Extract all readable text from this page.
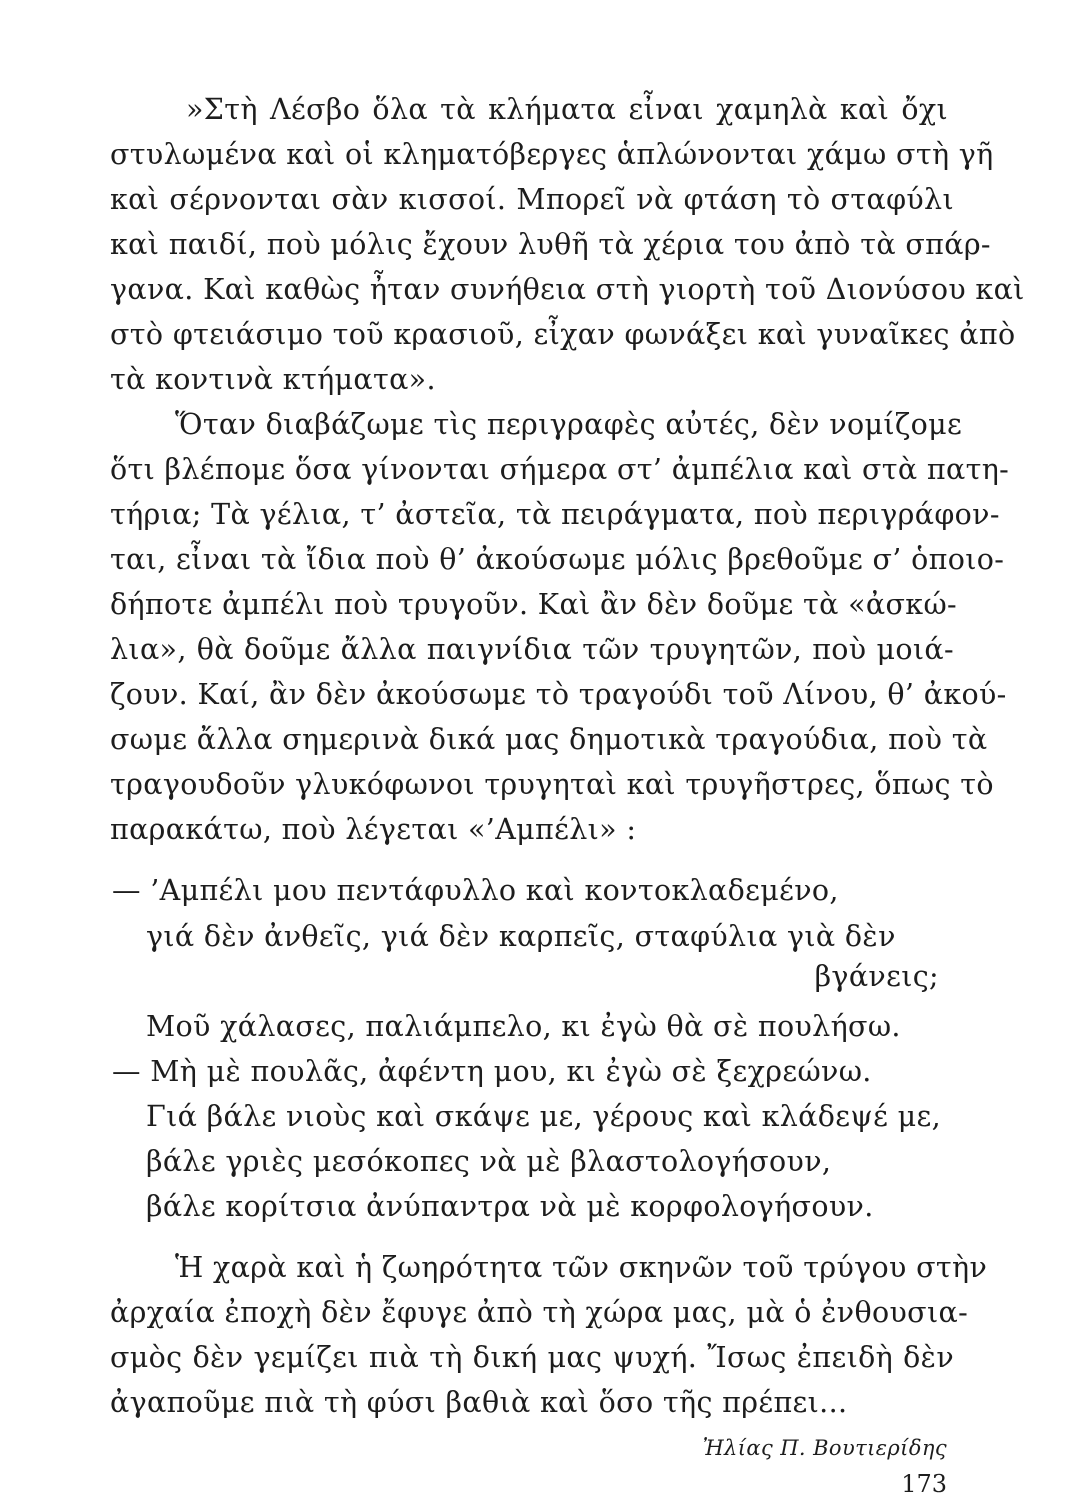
»Στὴ Λέσβο ὅλα τὰ κλήματα εἶναι χαμηλὰ καὶ ὄχι

στυλωμένα καὶ οἱ κληματόβεργες ἁπλώνονται χάμω στὴ γῆ

καὶ σέρνονται σὰν κισσοί. Μπορεῖ νὰ φτάση τὸ σταφύλι

καὶ παιδί, ποὺ μόλις ἔχουν λυθῆ τὰ χέρια του ἀπὸ τὰ σπάρ-

γανα. Καὶ καθὼς ἦταν συνήθεια στὴ γιορτὴ τοῦ Διονύσου καὶ

στὸ φτειάσιμο τοῦ κρασιοῦ, εἶχαν φωνάξει καὶ γυναῖκες ἀπὸ

τὰ κοντινὰ κτήματα».

Ὅταν διαβάζωμε τὶς περιγραφὲς αὐτές, δὲν νομίζομε

ὅτι βλέπομε ὅσα γίνονται σήμερα στ’ ἀμπέλια καὶ στὰ πατη-

τήρια; Τὰ γέλια, τ’ ἀστεῖα, τὰ πειράγματα, ποὺ περιγράφον-

ται, εἶναι τὰ ἴδια ποὺ θ’ ἀκούσωμε μόλις βρεθοῦμε σ’ ὁποιο-

δήποτε ἀμπέλι ποὺ τρυγοῦν. Καὶ ἂν δὲν δοῦμε τὰ «ἀσκώ-

λια», θὰ δοῦμε ἄλλα παιγνίδια τῶν τρυγητῶν, ποὺ μοιά-

ζουν. Καί, ἂν δὲν ἀκούσωμε τὸ τραγούδι τοῦ Λίνου, θ’ ἀκού-

σωμε ἄλλα σημερινὰ δικά μας δημοτικὰ τραγούδια, ποὺ τὰ

τραγουδοῦν γλυκόφωνοι τρυγηταὶ καὶ τρυγῆστρες, ὅπως τὸ

παρακάτω, ποὺ λέγεται «’Αμπέλι» :

— ’Αμπέλι μου πεντάφυλλο καὶ κοντοκλαδεμένο,

γιά δὲν ἀνθεῖς, γιά δὲν καρπεῖς, σταφύλια γιὰ δὲν

βγάνεις;

Μοῦ χάλασες, παλιάμπελο, κι ἐγὼ θὰ σὲ πουλήσω.

— Μὴ μὲ πουλᾶς, ἀφέντη μου, κι ἐγὼ σὲ ξεχρεώνω.

Γιά βάλε νιοὺς καὶ σκάψε με, γέρους καὶ κλάδεψέ με,

βάλε γριὲς μεσόκοπες νὰ μὲ βλαστολογήσουν,

βάλε κορίτσια ἀνύπαντρα νὰ μὲ κορφολογήσουν.

Ἡ χαρὰ καὶ ἡ ζωηρότητα τῶν σκηνῶν τοῦ τρύγου στὴν

ἀρχαία ἐποχὴ δὲν ἔφυγε ἀπὸ τὴ χώρα μας, μὰ ὁ ἐνθουσια-

σμὸς δὲν γεμίζει πιὰ τὴ δική μας ψυχή. Ἴσως ἐπειδὴ δὲν

ἀγαποῦμε πιὰ τὴ φύσι βαθιὰ καὶ ὅσο τῆς πρέπει...

Ἠλίας Π. Βουτιερίδης

173
